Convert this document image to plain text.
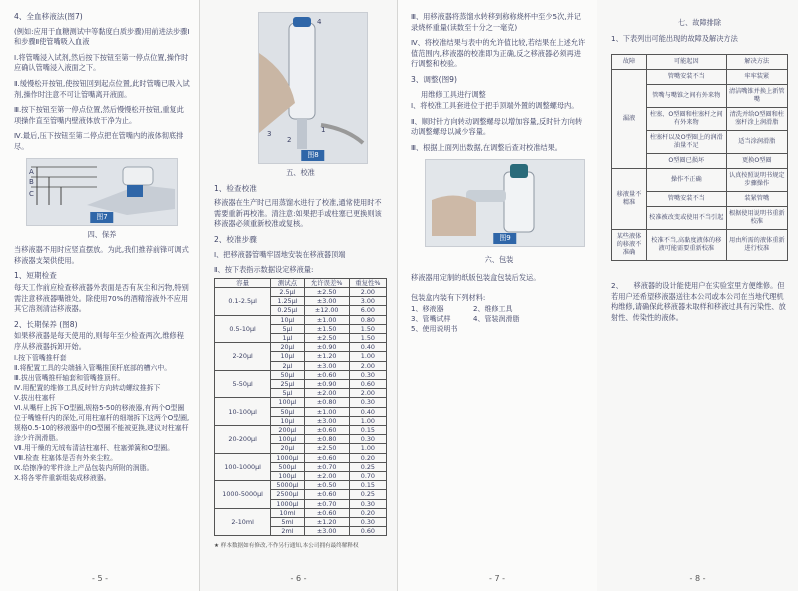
4、全血移液法(图7)

(例如:应用于血糖测试中等黏度白质步骤)用前进法步骤Ⅰ和步骤Ⅱ使管嘴吸入血液

Ⅰ.将管嘴浸入试剂,然后按下按钮至第一停点位置,操作时应确认管嘴浸入液面之下。

Ⅱ.缓慢松开按钮,使按钮回到起点位置,此时管嘴已吸入试剂,操作时注意不可让管嘴离开液面。

Ⅲ.按下按钮至第一停点位置,然后慢慢松开按钮,重复此项操作直至管嘴内壁液体放干净为止。

Ⅳ.最后,压下按钮至第二停点把在管嘴内的液体彻底排尽。

A
B
C
图7

四、保养

当移液器不用时应竖直摆放。为此,我们推荐前锋可调式移液器支架供使用。

1、短期检查

每天工作前应检查移液器外表面是否有灰尘和污物,特别需注意移液器嘴锥处。除使用70%的酒精溶液外不应用其它溶剂清洁移液器。

2、长期保养 (图8)

如果移液器是每天使用的,则每年至少检查两次,维修程序从移液器拆卸开始。

Ⅰ.按下管嘴推杆套
Ⅱ.将配置工具的尖端插入管嘴推顶杆底部的槽六中。
Ⅲ.拔出管嘴推杆轴套和管嘴推顶杆。
Ⅳ.用配置的维修工具反时针方向转动螺纹推拆下
Ⅴ.拔出柱塞杆
Ⅵ.从嘴杆上拆下O型圈,规格5-50的移液器,有两个O型圈位于嘴锥杆内的深处,可用柱塞杆的细端拆下这两个O型圈,规格0.5-10的移液器中的O型圈不能被更换,建议对柱塞杆涂少许润滑脂。
Ⅶ.用干燥的无绒布清洁柱塞杆、柱塞弹簧和O型圈。
Ⅷ.检查 柱塞体是否有外来尘粒。
Ⅸ.给擦净的零件涂上产品包装内所附的润脂。
Ⅹ.将各零件重新组装成移液器。
- 5 -
4
3
2
1
图8

五、校准

1、检查校准

移液器在生产时已用蒸馏水进行了校准,通常使用时不需要重新再校准。清注意:如果把手或柱塞已更换则该移液器必须重新校准或复核。

2、校准步骤

Ⅰ、把移液器管嘴牢固地安装在移液器顶端

Ⅱ、按下表指示数据设定移液量:

容量	测试点	允许误差%	重复性%
0.1-2.5μl	2.5μl	±2.50	2.00
	1.25μl	±3.00	3.00
	0.25μl	±12.00	6.00
0.5-10μl	10μl	±1.00	0.80
	5μl	±1.50	1.50
	1μl	±2.50	1.50
2-20μl	20μl	±0.90	0.40
	10μl	±1.20	1.00
	2μl	±3.00	2.00
5-50μl	50μl	±0.60	0.30
	25μl	±0.90	0.60
	5μl	±2.00	2.00
10-100μl	100μl	±0.80	0.30
	50μl	±1.00	0.40
	10μl	±3.00	1.00
20-200μl	200μl	±0.60	0.15
	100μl	±0.80	0.30
	20μl	±2.50	1.00
100-1000μl	1000μl	±0.60	0.20
	500μl	±0.70	0.25
	100μl	±2.00	0.70
1000-5000μl	5000μl	±0.50	0.15
	2500μl	±0.60	0.25
	1000μl	±0.70	0.30
2-10ml	10ml	±0.60	0.20
	5ml	±1.20	0.30
	2ml	±3.00	0.60

★ 样本数据如有修改,不作另行通知,本公司拥有最终解释权

- 6 -

Ⅲ、用移液器将蒸馏水转移到称称烧杯中至少5次,并记录烧杯重量(读数至十分之一毫克)

Ⅳ、将校准结果与表中的允许值比较,若结果在上述允许值范围内,移液器的校准即为正确,反之移液器必须再进行调整和校验。

3、调整(图9)

用维修工具进行调整

Ⅰ、将校准工具套进位于把手顶端外置的调整螺母内。

Ⅱ、顺时针方向转动调整螺母以增加容量,反时针方向转动调整螺母以减少容量。

Ⅲ、根据上面列出数据,在调整后查对校准结果。

图9

六、包装

移液器用定制的纸版包装盒包装后发运。

包装盒内装有下列材料:

1、移液器	2、维修工具
3、管嘴试样	4、管装润滑脂
5、使用说明书
- 7 -

七、故障排除

1、下表列出可能出现的故障及解决方法

故障	可能起因	解决方法
漏液	管嘴安装不当	牢牢装紧
	管嘴与嘴锥之间有外来物	清洁嘴锥并换上新管嘴
	柱塞、O型圈和柱塞杆之间有外来物	清洗并给O型圈和柱塞杆涂上润滑脂
	柱塞杆以及O型圈上的润滑油量不足	适当涂润滑脂
	O型圈已损坏	更换O型圈
移液量不精准	操作不正确	认真按照说明书规定步骤操作
	管嘴安装不当	装紧管嘴
	校准被改变或使用不当引起	根据使用说明书重新校准
某些液体的移液不准确	校准不当,高黏度液体的移液可能需要重新校准	用由所需的液体重新进行校准

2、　　移液器的设计能使用户在实验室里方便维修。但若用户还希望移液器送往本公司或本公司在当地代理机构维修,请确保此移液器未取样和移液过具有污染性、放射性、传染性的液体。

- 8 -
